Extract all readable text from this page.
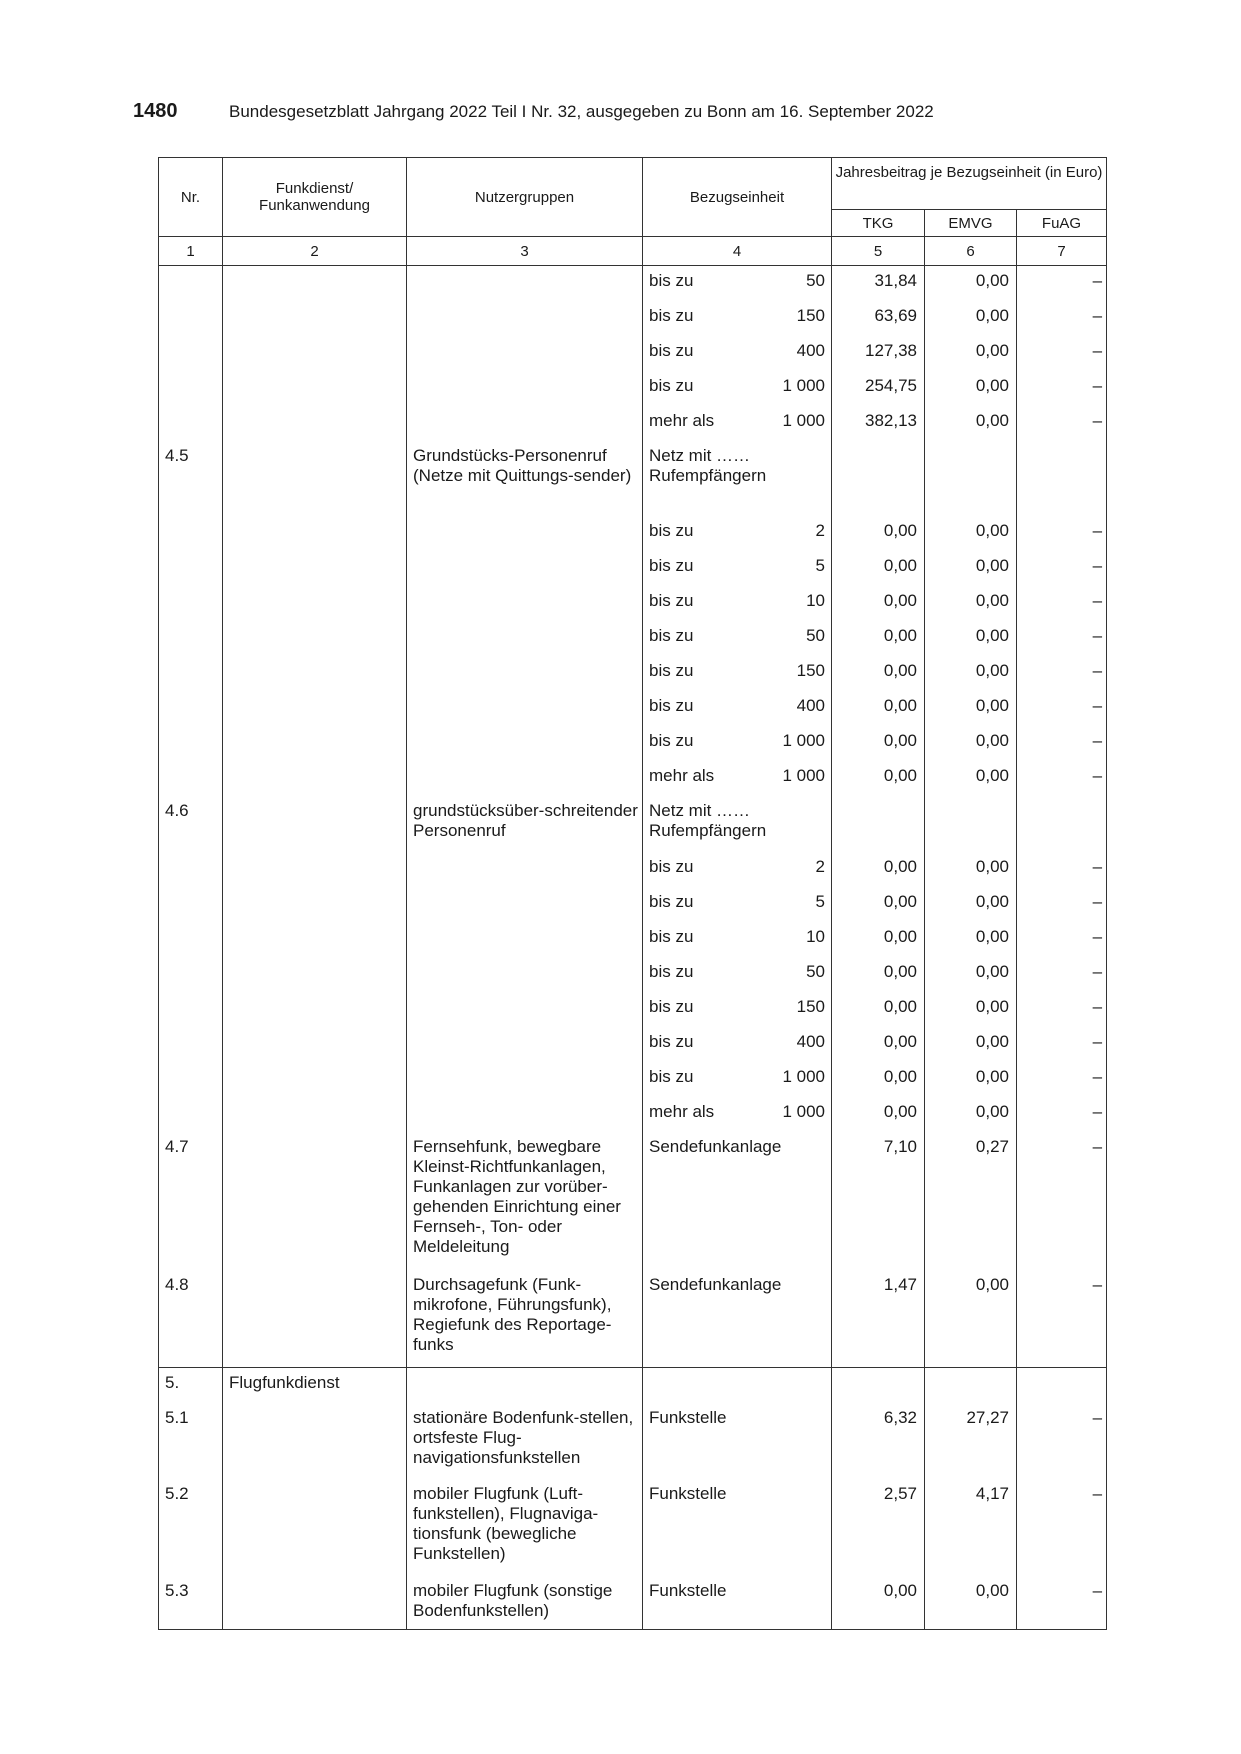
1480	Bundesgesetzblatt Jahrgang 2022 Teil I Nr. 32, ausgegeben zu Bonn am 16. September 2022
Nr.	Funkdienst/ Funkanwendung	Nutzergruppen	Bezugseinheit	Jahresbeitrag je Bezugseinheit (in Euro)		
				TKG	EMVG	FuAG
1	2	3	4	5	6	7

			bis zu 50	31,84	0,00	–

			bis zu 150	63,69	0,00	–

			bis zu 400	127,38	0,00	–

			bis zu 1 000	254,75	0,00	–

			mehr als 1 000	382,13	0,00	–
4.5		Grundstücks-Personenruf (Netze mit Quittungs-sender)	Netz mit …… Rufempfängern			

			bis zu 2	0,00	0,00	–

			bis zu 5	0,00	0,00	–

			bis zu 10	0,00	0,00	–

			bis zu 50	0,00	0,00	–

			bis zu 150	0,00	0,00	–

			bis zu 400	0,00	0,00	–

			bis zu 1 000	0,00	0,00	–

			mehr als 1 000	0,00	0,00	–
4.6		grundstücksüber-schreitender Personenruf	Netz mit …… Rufempfängern			

			bis zu 2	0,00	0,00	–

			bis zu 5	0,00	0,00	–

			bis zu 10	0,00	0,00	–

			bis zu 50	0,00	0,00	–

			bis zu 150	0,00	0,00	–

			bis zu 400	0,00	0,00	–

			bis zu 1 000	0,00	0,00	–

			mehr als 1 000	0,00	0,00	–
4.7		Fernsehfunk, bewegbare Kleinst-Richtfunkanlagen, Funkanlagen zur vorüber-gehenden Einrichtung einer Fernseh-, Ton- oder Meldeleitung	Sendefunkanlage	7,10	0,27	–
4.8		Durchsagefunk (Funk-mikrofone, Führungsfunk), Regiefunk des Reportage-funks	Sendefunkanlage	1,47	0,00	–
5.	Flugfunkdienst		

5.1		stationäre Bodenfunk-stellen, ortsfeste Flug-navigationsfunkstellen	Funkstelle	6,32	27,27	–
5.2		mobiler Flugfunk (Luft-funkstellen), Flugnaviga-tionsfunk (bewegliche Funkstellen)	Funkstelle	2,57	4,17	–
5.3		mobiler Flugfunk (sonstige Bodenfunkstellen)	Funkstelle	0,00	0,00	–
